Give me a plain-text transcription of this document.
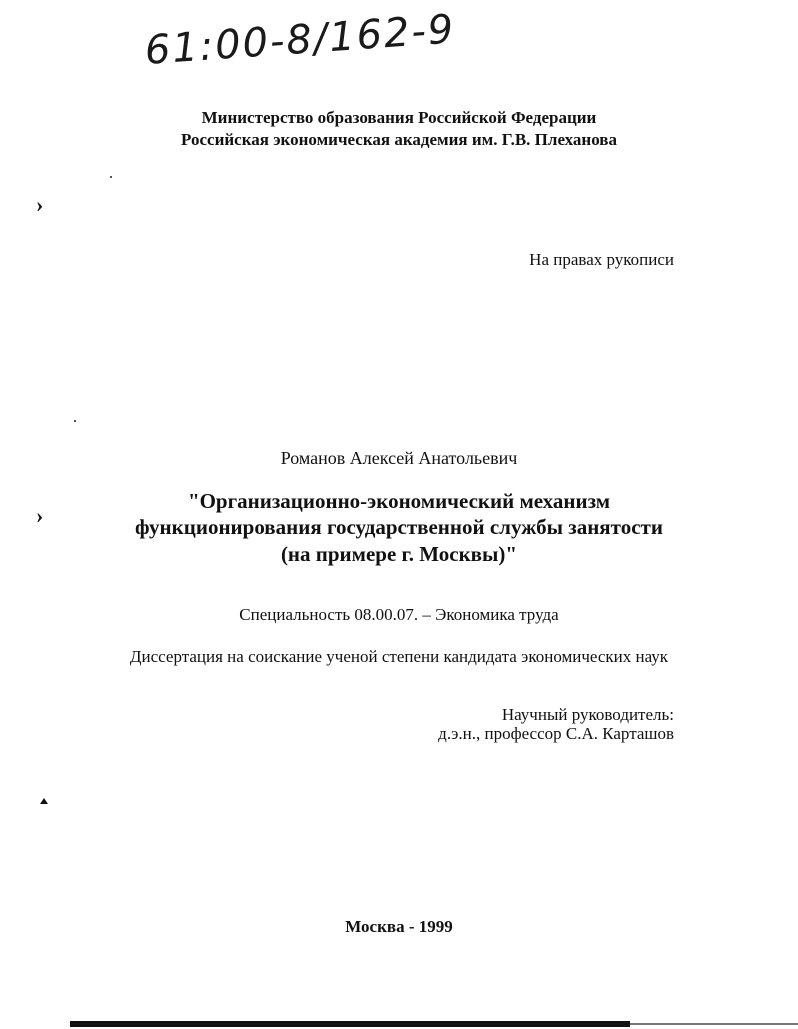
61:00-8/162-9
Министерство образования Российской Федерации
Российская экономическая академия им. Г.В. Плеханова
›
На правах рукописи
Романов Алексей Анатольевич
›
"Организационно-экономический механизм
функционирования государственной службы занятости
(на примере г. Москвы)"
Специальность 08.00.07. – Экономика труда
Диссертация на соискание ученой степени кандидата экономических наук
Научный руководитель:
д.э.н., профессор С.А. Карташов
Москва - 1999
